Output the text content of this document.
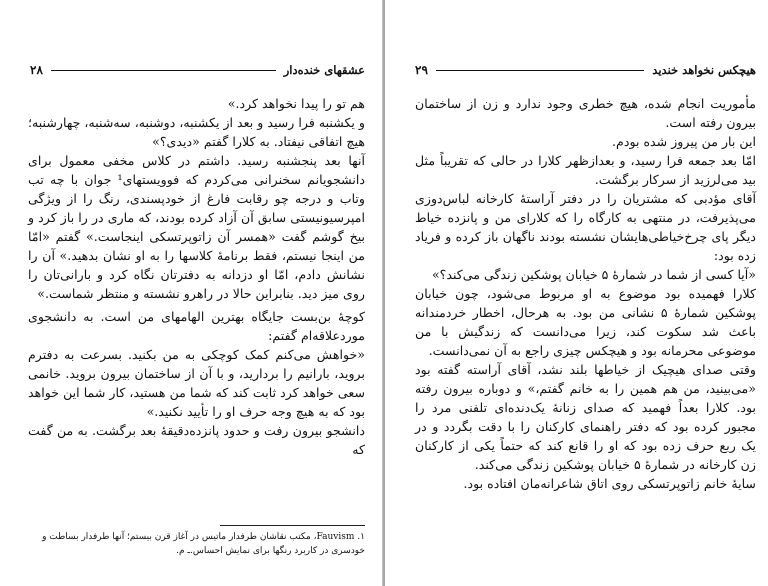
۲۸	عشقهای خنده‌دار

هم تو را پیدا نخواهد کرد.»

و یکشنبه فرا رسید و بعد از یکشنبه، دوشنبه، سه‌شنبه، چهارشنبه؛ هیچ اتفاقی نیفتاد. به کلارا گفتم «دیدی؟»

آنها بعد پنجشنبه رسید. داشتم در کلاس مخفی معمول برای دانشجویانم سخنرانی می‌کردم که فوویستهای¹ جوان با چه تب وتاب و درجه چو رقابت فارغ از خودپسندی، رنگ را از ویژگی امپرسیونیستی سابق آن آزاد کرده بودند، که ماری در را باز کرد و بیخ گوشم گفت «همسر آن زاتوپرتسکی اینجاست.» گفتم «امّا من اینجا نیستم، فقط برنامهٔ کلاسها را به او نشان بدهید.» آن را نشانش دادم، امّا او دزدانه به دفترتان نگاه کرد و بارانی‌تان را روی میز دید. بنابراین حالا در راهرو نشسته و منتظر شماست.»

کوچهٔ بن‌بست جایگاه بهترین الهامهای من است. به دانشجوی موردعلاقه‌ام گفتم:

«خواهش می‌کنم کمک کوچکی به من بکنید. بسرعت به دفترم بروید، بارانیم را بردارید، و با آن از ساختمان بیرون بروید. خانمی سعی خواهد کرد ثابت کند که شما من هستید، کار شما این خواهد بود که به هیچ وجه حرف او را تأیید نکنید.»

دانشجو بیرون رفت و حدود پانزده‌دقیقهٔ بعد برگشت. به من گفت که

۱. Fauvism، مکتب نقاشان طرفدار ماتیس در آغاز قرن بیستم؛ آنها طرفدار بساطت و خودسری در کاربرد رنگها برای نمایش احساس.ـ م.
۲۹	هیچکس نخواهد خندید

مأموریت انجام شده، هیچ خطری وجود ندارد و زن از ساختمان بیرون رفته است.

این بار من پیروز شده بودم.

امّا بعد جمعه فرا رسید، و بعدازظهر کلارا در حالی که تقریباً مثل بید می‌لرزید از سرکار برگشت.

آقای مؤدبی که مشتریان را در دفتر آراستهٔ کارخانه لباس‌دوزی می‌پذیرفت، در منتهی به کارگاه را که کلارای من و پانزده خیاط دیگر پای چرخ‌خیاطی‌هایشان نشسته بودند ناگهان باز کرده و فریاد زده بود:

«آیا کسی از شما در شمارهٔ ۵ خیابان پوشکین زندگی می‌کند؟»

کلارا فهمیده بود موضوع به او مربوط می‌شود، چون خیابان پوشکین شمارهٔ ۵ نشانی من بود. به هرحال، اخطار خردمندانه باعث شد سکوت کند، زیرا می‌دانست که زندگیش با من موضوعی محرمانه بود و هیچکس چیزی راجع به آن نمی‌دانست.

وقتی صدای هیچیک از خیاطها بلند نشد، آقای آراسته گفته بود «می‌بینید، من هم همین را به خانم گفتم،» و دوباره بیرون رفته بود. کلارا بعداً فهمید که صدای زنانهٔ یک‌دنده‌ای تلفنی مرد را مجبور کرده بود که دفتر راهنمای کارکنان را با دقت بگردد و در یک ربع حرف زده بود که او را قانع کند که حتماً یکی از کارکنان زن کارخانه در شمارهٔ ۵ خیابان پوشکین زندگی می‌کند.

سایهٔ خانم زاتوپرتسکی روی اتاق شاعرانه‌مان افتاده بود.
